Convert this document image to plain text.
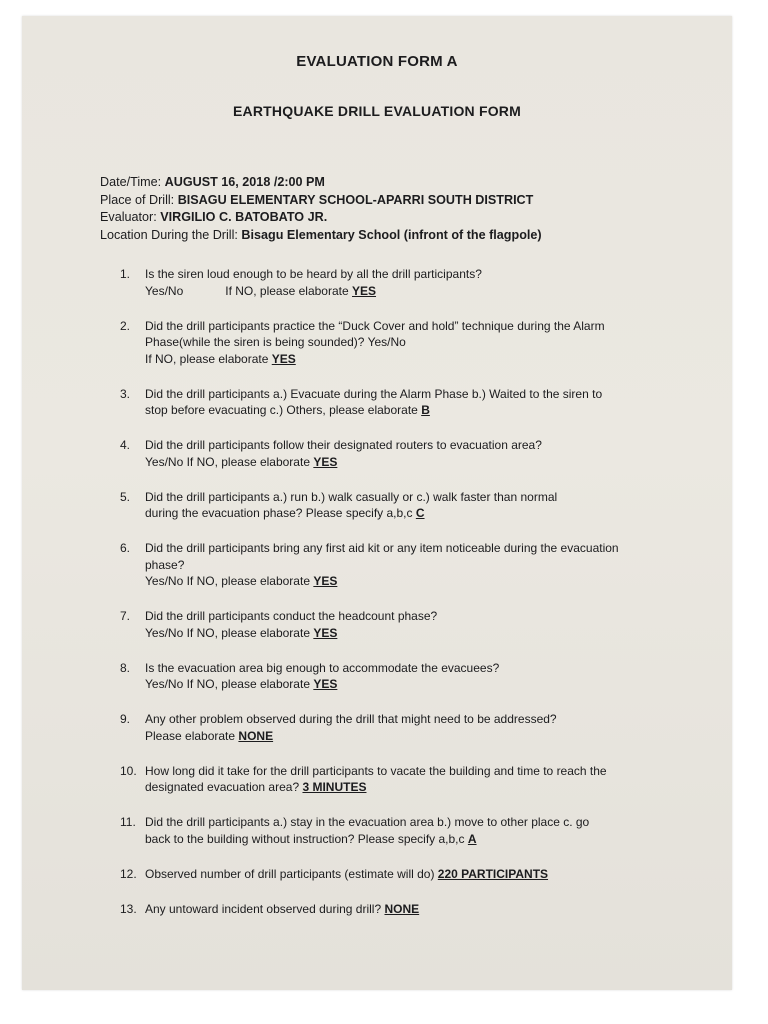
EVALUATION FORM A
EARTHQUAKE DRILL EVALUATION FORM
Date/Time: AUGUST 16, 2018 /2:00 PM
Place of Drill: BISAGU ELEMENTARY SCHOOL-APARRI SOUTH DISTRICT
Evaluator: VIRGILIO C. BATOBATO JR.
Location During the Drill: Bisagu Elementary School (infront of the flagpole)
1. Is the siren loud enough to be heard by all the drill participants?
Yes/No	If NO, please elaborate YES
2. Did the drill participants practice the “Duck Cover and hold” technique during the Alarm
Phase(while the siren is being sounded)? Yes/No
If NO, please elaborate YES
3. Did the drill participants a.) Evacuate during the Alarm Phase b.) Waited to the siren to
stop before evacuating c.) Others, please elaborate B
4. Did the drill participants follow their designated routers to evacuation area?
Yes/No If NO, please elaborate YES
5. Did the drill participants a.) run b.) walk casually or c.) walk faster than normal
during the evacuation phase? Please specify a,b,c C
6. Did the drill participants bring any first aid kit or any item noticeable during the evacuation
phase?
Yes/No If NO, please elaborate YES
7. Did the drill participants conduct the headcount phase?
Yes/No If NO, please elaborate YES
8. Is the evacuation area big enough to accommodate the evacuees?
Yes/No If NO, please elaborate YES
9. Any other problem observed during the drill that might need to be addressed?
Please elaborate NONE
10. How long did it take for the drill participants to vacate the building and time to reach the
designated evacuation area? 3 MINUTES
11. Did the drill participants a.) stay in the evacuation area b.) move to other place c. go
back to the building without instruction? Please specify a,b,c A
12. Observed number of drill participants (estimate will do) 220 PARTICIPANTS
13. Any untoward incident observed during drill? NONE
